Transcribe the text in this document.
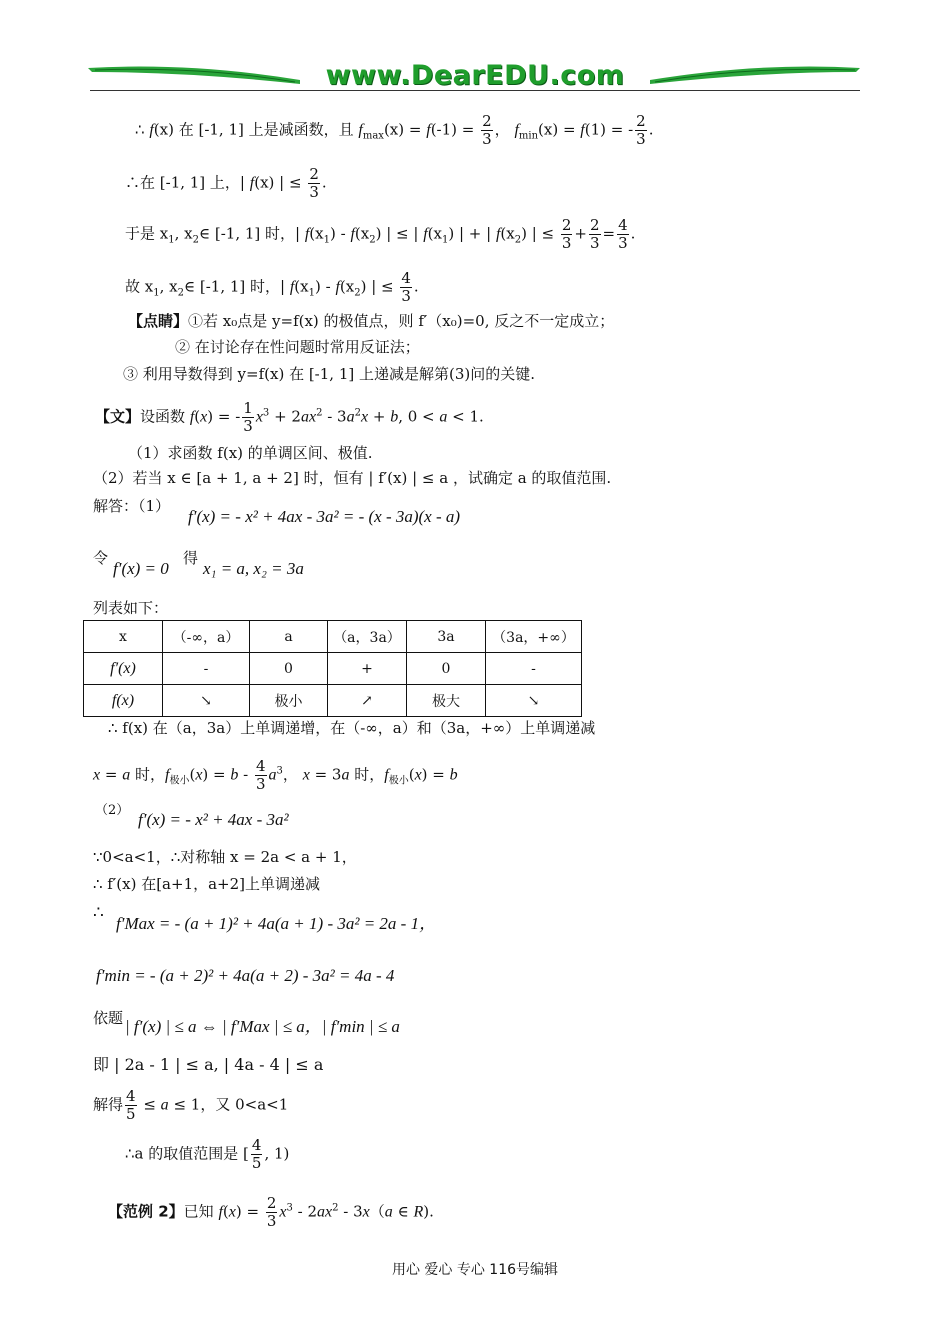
www.DearEDU.com
∴ f(x) 在 [-1, 1] 上是减函数，且 $f_{max}(x) = f(-1) = \frac{2}{3}$ ， $f_{min}(x) = f(1)$ = - $\frac{2}{3}$ .
∴在 [-1, 1] 上，| f(x) | ≤ $\frac{2}{3}$ .
于是 $x_1$, $x_2\in$ [-1, 1] 时，| $f(x_1) - f(x_2)$ | ≤ | $f(x_1)$ | + | $f(x_2)$ | ≤ $\frac{2}{3} + \frac{2}{3} = \frac{4}{3}$ .
故 $x_1$, $x_2\in$ [-1, 1] 时，| $f(x_1) - f(x_2)$ | ≤ $\frac{4}{3}$ .
【点睛】①若 x₀点是 y=f(x) 的极值点，则 f′（x₀)=0, 反之不一定成立；
② 在讨论存在性问题时常用反证法；
③ 利用导数得到 y=f(x) 在 [-1, 1] 上递减是解第(3)问的关键.
【文】设函数 f(x) = - $\frac{1}{3} x^3 + 2ax^2 - 3a^2x + b$, 0 < a < 1.
（1）求函数 f(x) 的单调区间、极值.
（2）若当 x ∈ [a + 1, a + 2] 时，恒有 | f′(x) | ≤ a ，试确定 a 的取值范围.
解答：（1）
f′(x) = - x² + 4ax - 3a² = - (x - 3a)(x - a)
令
f′(x) = 0
得
x₁ = a, x₂ = 3a
列表如下：
x	（-∞，a）	a	（a，3a）	3a	（3a，+∞）
f′(x)	-	0	+	0	-
f(x)	↘	极小	↗	极大	↘
∴ f(x) 在（a，3a）上单调递增，在（-∞，a）和（3a，+∞）上单调递减
x = a 时，$f_{极小}(x) = b - \frac{4}{3} a^3$， x = 3a 时，$f_{极小}(x) = b$
（2） f′(x) = - x² + 4ax - 3a²
∵0<a<1，∴对称轴 x = 2a < a + 1，
∴ f′(x) 在[a+1，a+2]上单调递减
∴
f′Max = - (a + 1)² + 4a(a + 1) - 3a² = 2a - 1，
f′min = - (a + 2)² + 4a(a + 2) - 3a² = 4a - 4
依题 | f′(x) | ≤ a ⇔ | f′Max | ≤ a，| f′min | ≤ a
即 | 2a - 1 | ≤ a, | 4a - 4 | ≤ a
解得 $\frac{4}{5} \le a \le 1$，又 0<a<1
∴a 的取值范围是 [ $\frac{4}{5}$ , 1)
【范例 2】已知 $f(x) = \frac{2}{3} x^3 - 2ax^2 - 3x(a$ ∈ R).
用心 爱心 专心 116号编辑
